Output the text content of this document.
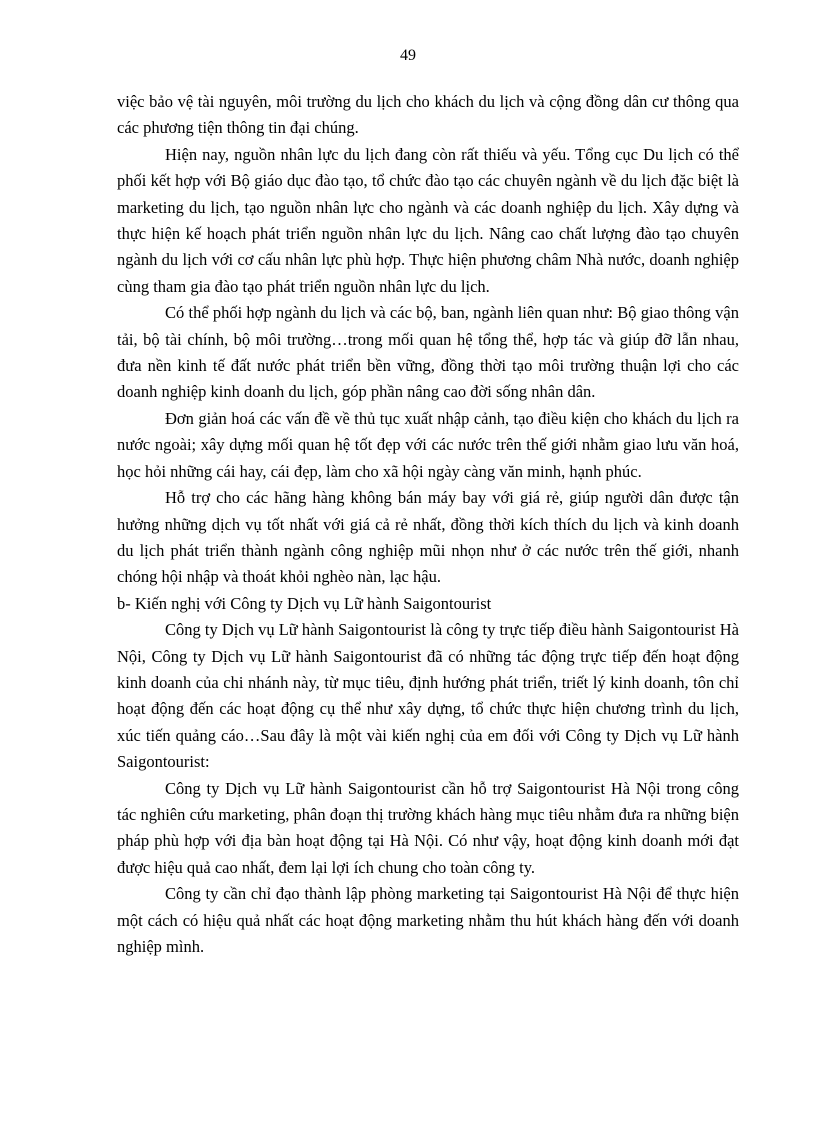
49

việc bảo vệ tài nguyên, môi trường du lịch cho khách du lịch và cộng đồng dân cư thông qua các phương tiện thông tin đại chúng.

Hiện nay, nguồn nhân lực du lịch đang còn rất thiếu và yếu. Tổng cục Du lịch có thể phối kết hợp với Bộ giáo dục đào tạo, tổ chức đào tạo các chuyên ngành về du lịch đặc biệt là marketing du lịch, tạo nguồn nhân lực cho ngành và các doanh nghiệp du lịch. Xây dựng và thực hiện kế hoạch phát triển nguồn nhân lực du lịch. Nâng cao chất lượng đào tạo chuyên ngành du lịch với cơ cấu nhân lực phù hợp. Thực hiện phương châm Nhà nước, doanh nghiệp cùng tham gia đào tạo phát triển nguồn nhân lực du lịch.

Có thể phối hợp ngành du lịch và các bộ, ban, ngành liên quan như: Bộ giao thông vận tải, bộ tài chính, bộ môi trường…trong mối quan hệ tổng thể, hợp tác và giúp đỡ lẫn nhau, đưa nền kinh tế đất nước phát triển bền vững, đồng thời tạo môi trường thuận lợi cho các doanh nghiệp kinh doanh du lịch, góp phần nâng cao đời sống nhân dân.

Đơn giản hoá các vấn đề về thủ tục xuất nhập cảnh, tạo điều kiện cho khách du lịch ra nước ngoài; xây dựng mối quan hệ tốt đẹp với các nước trên thế giới nhằm giao lưu văn hoá, học hỏi những cái hay, cái đẹp, làm cho xã hội ngày càng văn minh, hạnh phúc.

Hỗ trợ cho các hãng hàng không bán máy bay với giá rẻ, giúp người dân được tận hưởng những dịch vụ tốt nhất với giá cả rẻ nhất, đồng thời kích thích du lịch và kinh doanh du lịch phát triển thành ngành công nghiệp mũi nhọn như ở các nước trên thế giới, nhanh chóng hội nhập và thoát khỏi nghèo nàn, lạc hậu.

b- Kiến nghị với Công ty Dịch vụ Lữ hành Saigontourist

Công ty Dịch vụ Lữ hành Saigontourist là công ty trực tiếp điều hành Saigontourist Hà Nội, Công ty Dịch vụ Lữ hành Saigontourist đã có những tác động trực tiếp đến hoạt động kinh doanh của chi nhánh này, từ mục tiêu, định hướng phát triển, triết lý kinh doanh, tôn chỉ hoạt động đến các hoạt động cụ thể như xây dựng, tổ chức thực hiện chương trình du lịch, xúc tiến quảng cáo…Sau đây là một vài kiến nghị của em đối với Công ty Dịch vụ Lữ hành Saigontourist:

Công ty Dịch vụ Lữ hành Saigontourist cần hỗ trợ Saigontourist Hà Nội trong công tác nghiên cứu marketing, phân đoạn thị trường khách hàng mục tiêu nhằm đưa ra những biện pháp phù hợp với địa bàn hoạt động tại Hà Nội. Có như vậy, hoạt động kinh doanh mới đạt được hiệu quả cao nhất, đem lại lợi ích chung cho toàn công ty.

Công ty cần chỉ đạo thành lập phòng marketing tại Saigontourist Hà Nội để thực hiện một cách có hiệu quả nhất các hoạt động marketing nhằm thu hút khách hàng đến với doanh nghiệp mình.
